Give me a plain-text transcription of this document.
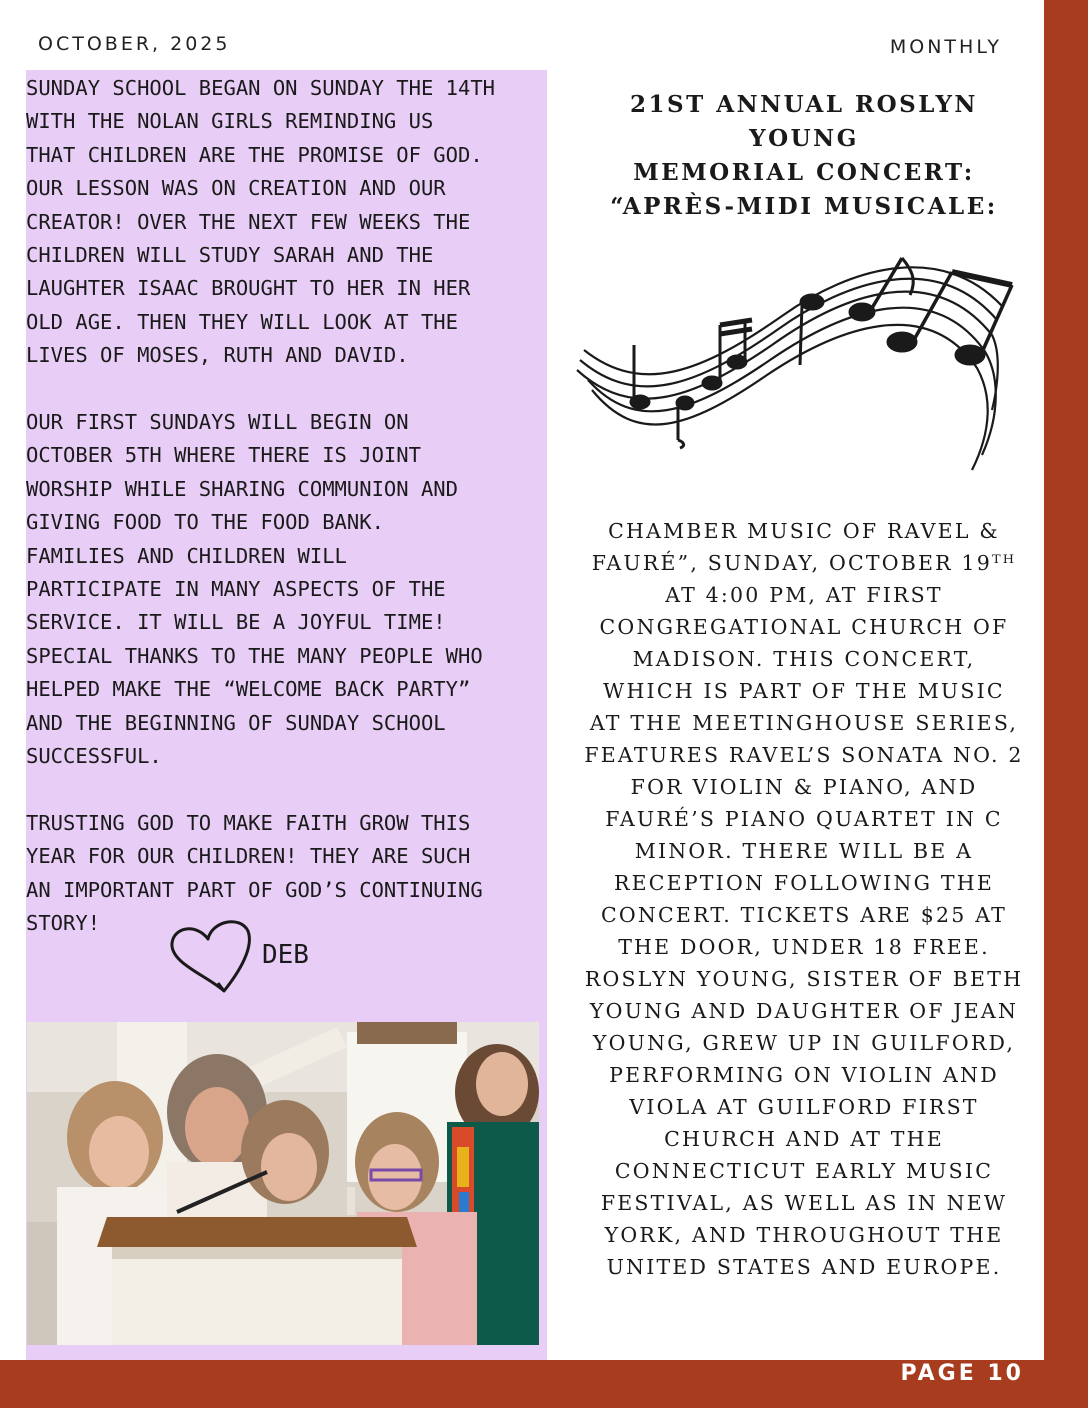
PAGE 10
OCTOBER, 2025	MONTHLY

SUNDAY SCHOOL BEGAN ON SUNDAY THE 14TH
WITH THE NOLAN GIRLS REMINDING US
THAT CHILDREN ARE THE PROMISE OF GOD.
OUR LESSON WAS ON CREATION AND OUR
CREATOR! OVER THE NEXT FEW WEEKS THE
CHILDREN WILL STUDY SARAH AND THE
LAUGHTER ISAAC BROUGHT TO HER IN HER
OLD AGE. THEN THEY WILL LOOK AT THE
LIVES OF MOSES, RUTH AND DAVID.

OUR FIRST SUNDAYS WILL BEGIN ON
OCTOBER 5TH WHERE THERE IS JOINT
WORSHIP WHILE SHARING COMMUNION AND
GIVING FOOD TO THE FOOD BANK.
FAMILIES AND CHILDREN WILL
PARTICIPATE IN MANY ASPECTS OF THE
SERVICE. IT WILL BE A JOYFUL TIME!
SPECIAL THANKS TO THE MANY PEOPLE WHO
HELPED MAKE THE “WELCOME BACK PARTY”
AND THE BEGINNING OF SUNDAY SCHOOL
SUCCESSFUL.

TRUSTING GOD TO MAKE FAITH GROW THIS
YEAR FOR OUR CHILDREN! THEY ARE SUCH
AN IMPORTANT PART OF GOD’S CONTINUING
STORY!

DEB
21ST ANNUAL ROSLYN YOUNG
MEMORIAL CONCERT:
“APRÈS-MIDI MUSICALE:
CHAMBER MUSIC OF RAVEL &
FAURÉ”, SUNDAY, OCTOBER 19ᵀᴴ
AT 4:00 PM, AT FIRST
CONGREGATIONAL CHURCH OF
MADISON. THIS CONCERT,
WHICH IS PART OF THE MUSIC
AT THE MEETINGHOUSE SERIES,
FEATURES RAVEL’S SONATA NO. 2
FOR VIOLIN & PIANO, AND
FAURÉ’S PIANO QUARTET IN C
MINOR. THERE WILL BE A
RECEPTION FOLLOWING THE
CONCERT. TICKETS ARE $25 AT
THE DOOR, UNDER 18 FREE.
ROSLYN YOUNG, SISTER OF BETH
YOUNG AND DAUGHTER OF JEAN
YOUNG, GREW UP IN GUILFORD,
PERFORMING ON VIOLIN AND
VIOLA AT GUILFORD FIRST
CHURCH AND AT THE
CONNECTICUT EARLY MUSIC
FESTIVAL, AS WELL AS IN NEW
YORK, AND THROUGHOUT THE
UNITED STATES AND EUROPE.
